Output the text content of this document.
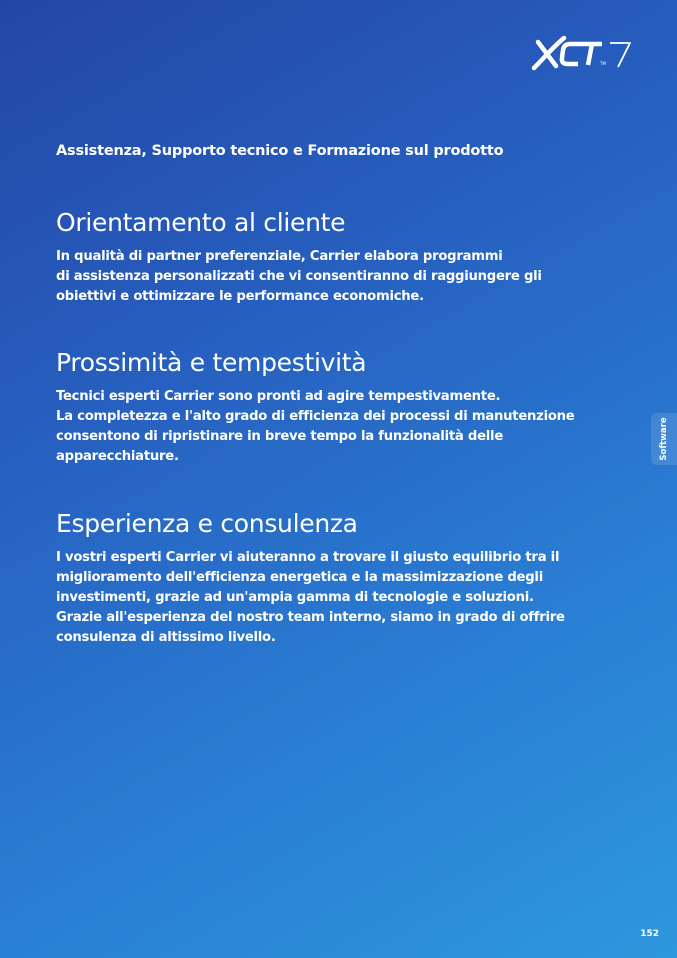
TM
Assistenza, Supporto tecnico e Formazione sul prodotto
Orientamento al cliente

In qualità di partner preferenziale, Carrier elabora programmi
di assistenza personalizzati che vi consentiranno di raggiungere gli
obiettivi e ottimizzare le performance economiche.

Prossimità e tempestività

Tecnici esperti Carrier sono pronti ad agire tempestivamente.
La completezza e l'alto grado di efficienza dei processi di manutenzione
consentono di ripristinare in breve tempo la funzionalità delle
apparecchiature.

Esperienza e consulenza

I vostri esperti Carrier vi aiuteranno a trovare il giusto equilibrio tra il
miglioramento dell'efficienza energetica e la massimizzazione degli
investimenti, grazie ad un'ampia gamma di tecnologie e soluzioni.
Grazie all'esperienza del nostro team interno, siamo in grado di offrire
consulenza di altissimo livello.

Software
152
